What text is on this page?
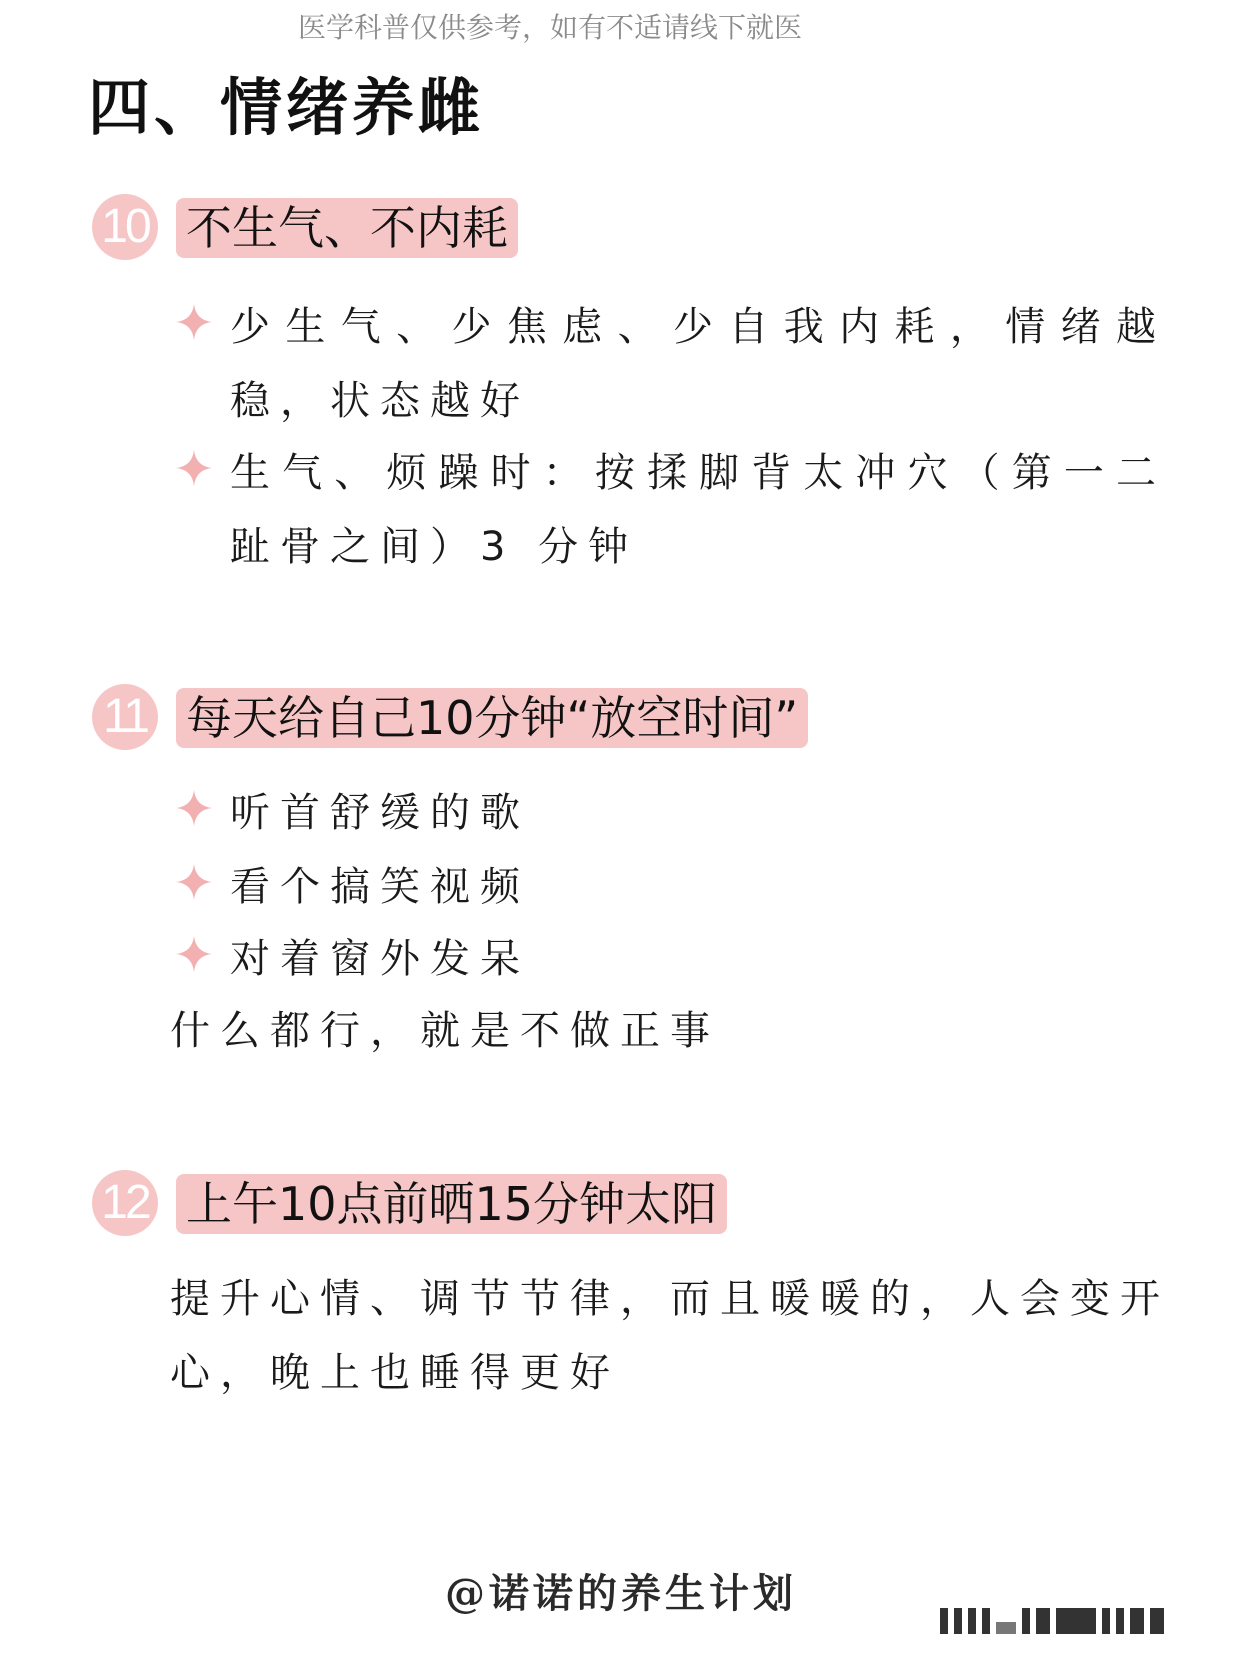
医学科普仅供参考，如有不适请线下就医
四、情绪养雌
10 不生气、不内耗
少生气、少焦虑、少自我内耗，情绪越稳，状态越好
生气、烦躁时：按揉脚背太冲穴（第一二趾骨之间）3 分钟
11 每天给自己10分钟“放空时间”
听首舒缓的歌
看个搞笑视频
对着窗外发呆
什么都行，就是不做正事
12 上午10点前晒15分钟太阳
提升心情、调节节律，而且暖暖的，人会变开心，晚上也睡得更好
@诺诺的养生计划
